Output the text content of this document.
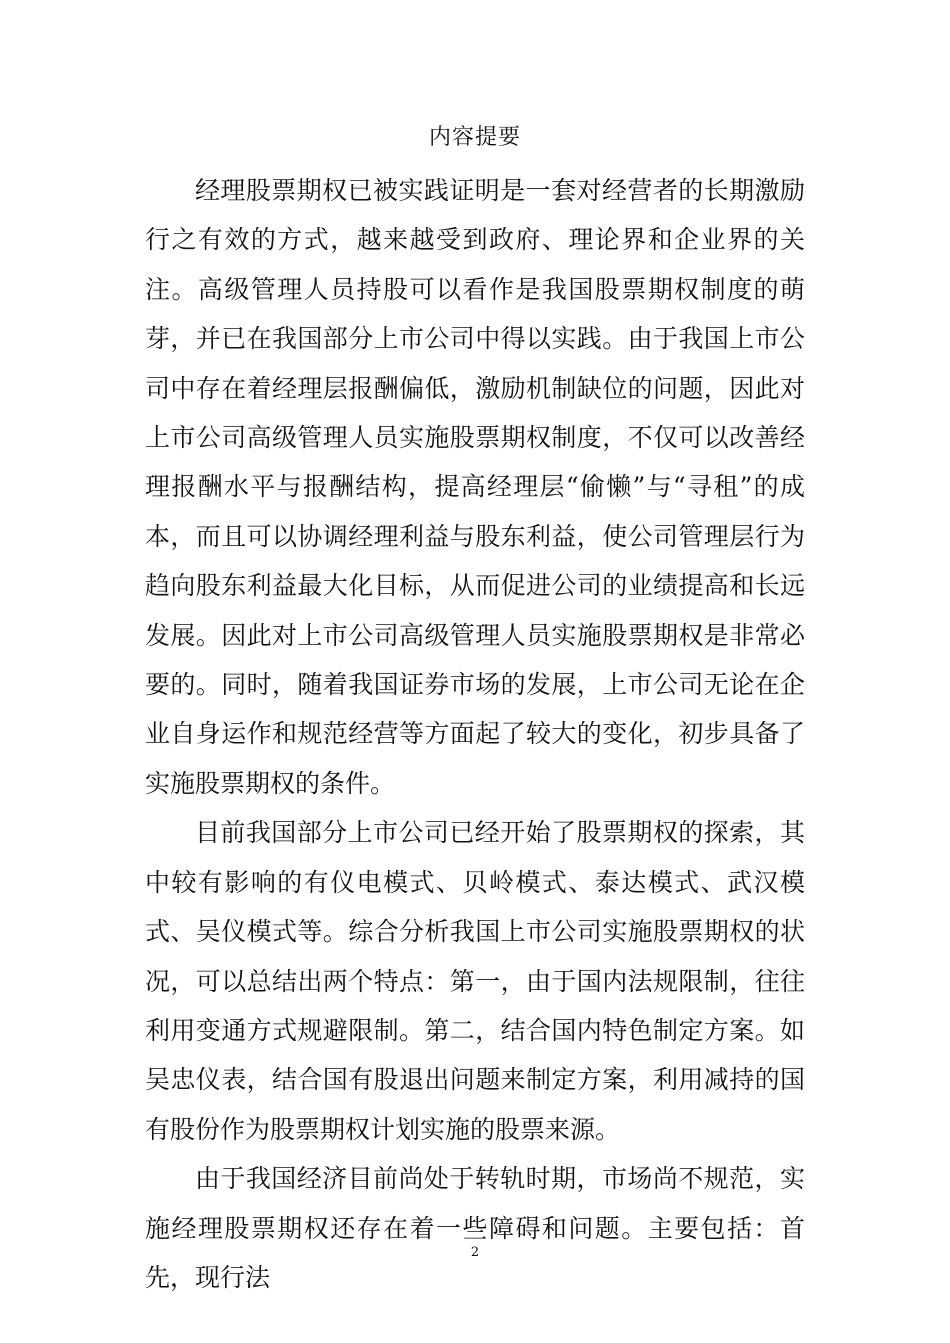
内容提要

经理股票期权已被实践证明是一套对经营者的长期激励行之有效的方式，越来越受到政府、理论界和企业界的关注。高级管理人员持股可以看作是我国股票期权制度的萌芽，并已在我国部分上市公司中得以实践。由于我国上市公司中存在着经理层报酬偏低，激励机制缺位的问题，因此对上市公司高级管理人员实施股票期权制度，不仅可以改善经理报酬水平与报酬结构，提高经理层“偷懒”与“寻租”的成本，而且可以协调经理利益与股东利益，使公司管理层行为趋向股东利益最大化目标，从而促进公司的业绩提高和长远发展。因此对上市公司高级管理人员实施股票期权是非常必要的。同时，随着我国证券市场的发展，上市公司无论在企业自身运作和规范经营等方面起了较大的变化，初步具备了实施股票期权的条件。

目前我国部分上市公司已经开始了股票期权的探索，其中较有影响的有仪电模式、贝岭模式、泰达模式、武汉模式、吴仪模式等。综合分析我国上市公司实施股票期权的状况，可以总结出两个特点：第一，由于国内法规限制，往往利用变通方式规避限制。第二，结合国内特色制定方案。如吴忠仪表，结合国有股退出问题来制定方案，利用减持的国有股份作为股票期权计划实施的股票来源。

由于我国经济目前尚处于转轨时期，市场尚不规范，实施经理股票期权还存在着一些障碍和问题。主要包括：首先，现行法

2
